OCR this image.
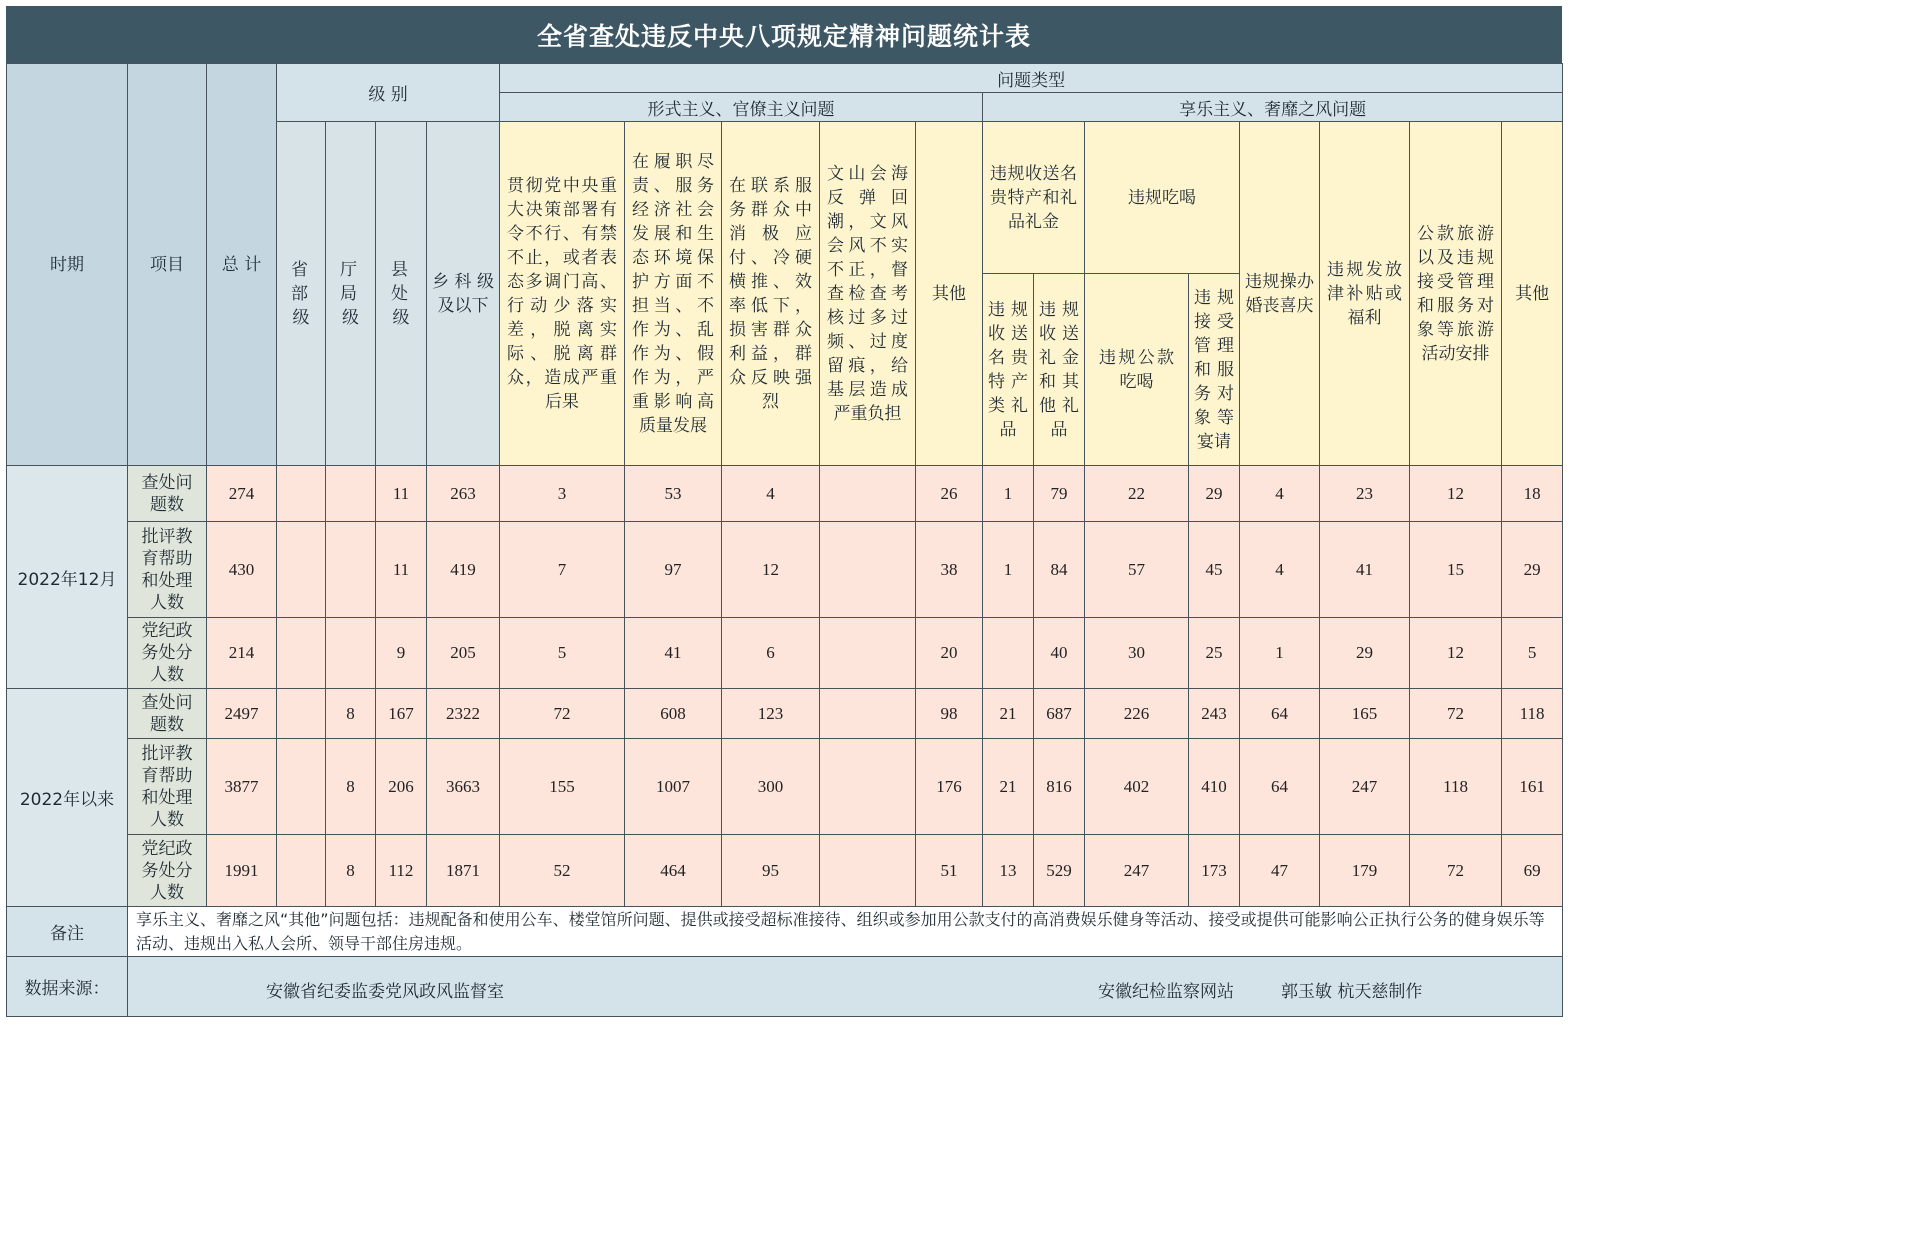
全省查处违反中央八项规定精神问题统计表
时期	项目	总 计	级 别				问题类型												
							形式主义、官僚主义问题					享乐主义、奢靡之风问题							

			省部级	厅局级	县处级	乡科级及以下	贯彻党中央重大决策部署有令不行、有禁不止，或者表态多调门高、行动少落实差，脱离实际、脱离群众，造成严重后果	在履职尽责、服务经济社会发展和生态环境保护方面不担当、不作为、乱作为、假作为，严重影响高质量发展	在联系服务群众中消极应付、冷硬横推、效率低下，损害群众利益，群众反映强烈	文山会海反弹回潮，文风会风不实不正，督查检查考核过多过频、过度留痕，给基层造成严重负担	其他	违规收送名贵特产和礼品礼金		违规吃喝		违规操办婚丧喜庆	违规发放津补贴或福利	公款旅游以及违规接受管理和服务对象等旅游活动安排	其他

												违规收送名贵特产类礼品	违规收送礼金和其他礼品	违规公款吃喝	违规接受管理和服务对象等宴请				

2022年12月	查处问题数	274			11	263	3	53	4		26	1	79	22	29	4	23	12	18

	批评教育帮助和处理人数	430			11	419	7	97	12		38	1	84	57	45	4	41	15	29

	党纪政务处分人数	214			9	205	5	41	6		20		40	30	25	1	29	12	5
2022年以来	查处问题数	2497		8	167	2322	72	608	123		98	21	687	226	243	64	165	72	118

	批评教育帮助和处理人数	3877		8	206	3663	155	1007	300		176	21	816	402	410	64	247	118	161

	党纪政务处分人数	1991		8	112	1871	52	464	95		51	13	529	247	173	47	179	72	69
备注	享乐主义、奢靡之风“其他”问题包括：违规配备和使用公车、楼堂馆所问题、提供或接受超标准接待、组织或参加用公款支付的高消费娱乐健身等活动、接受或提供可能影响公正执行公务的健身娱乐等活动、违规出入私人会所、领导干部住房违规。																		

数据来源：	安徽省纪委监委党风政风监督室 安徽纪检监察网站 郭玉敏 杭天慈制作																		
